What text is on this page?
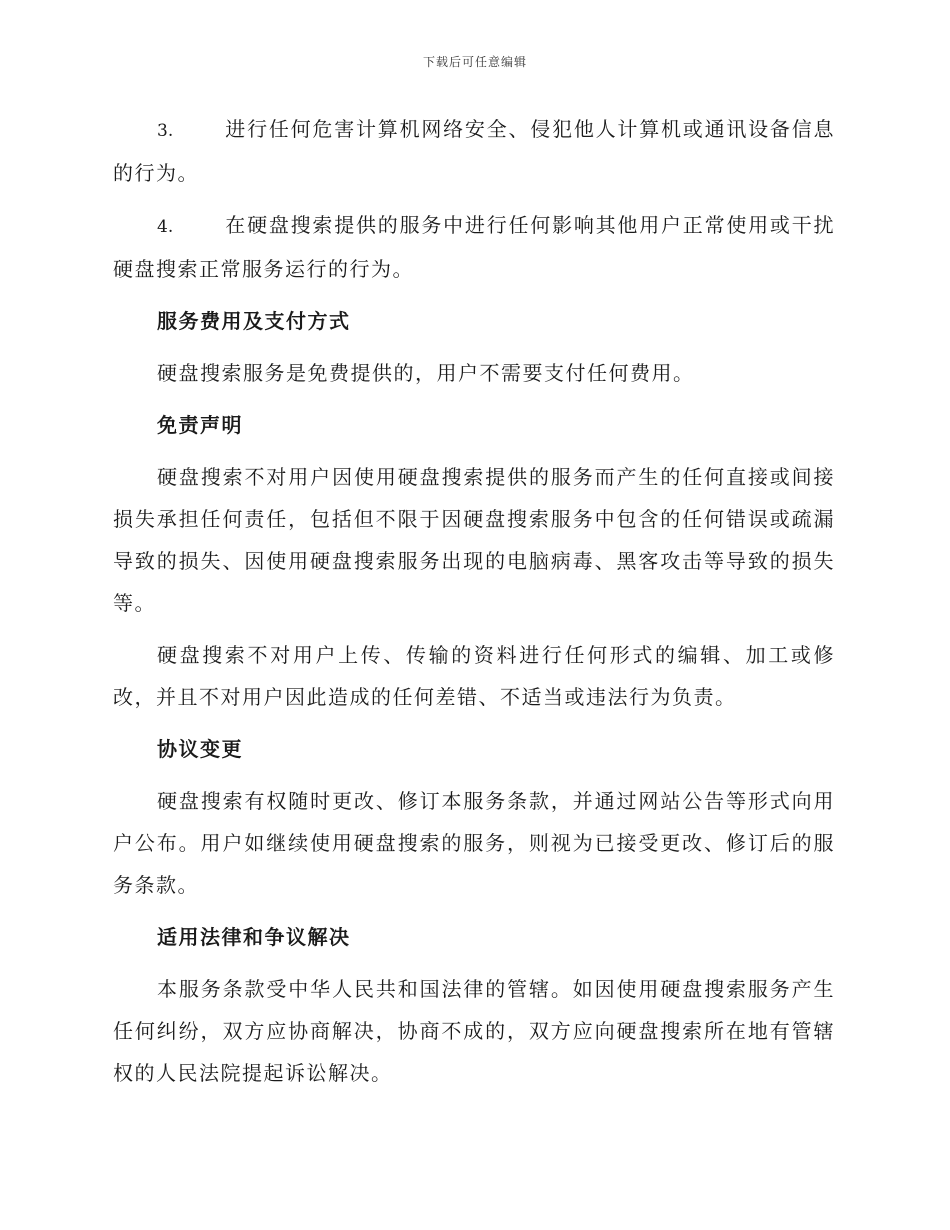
下载后可任意编辑

3.	进行任何危害计算机网络安全、侵犯他人计算机或通讯设备信息的行为。

4.	在硬盘搜索提供的服务中进行任何影响其他用户正常使用或干扰硬盘搜索正常服务运行的行为。

服务费用及支付方式

硬盘搜索服务是免费提供的，用户不需要支付任何费用。

免责声明

硬盘搜索不对用户因使用硬盘搜索提供的服务而产生的任何直接或间接损失承担任何责任，包括但不限于因硬盘搜索服务中包含的任何错误或疏漏导致的损失、因使用硬盘搜索服务出现的电脑病毒、黑客攻击等导致的损失等。

硬盘搜索不对用户上传、传输的资料进行任何形式的编辑、加工或修改，并且不对用户因此造成的任何差错、不适当或违法行为负责。

协议变更

硬盘搜索有权随时更改、修订本服务条款，并通过网站公告等形式向用户公布。用户如继续使用硬盘搜索的服务，则视为已接受更改、修订后的服务条款。

适用法律和争议解决

本服务条款受中华人民共和国法律的管辖。如因使用硬盘搜索服务产生任何纠纷，双方应协商解决，协商不成的，双方应向硬盘搜索所在地有管辖权的人民法院提起诉讼解决。
